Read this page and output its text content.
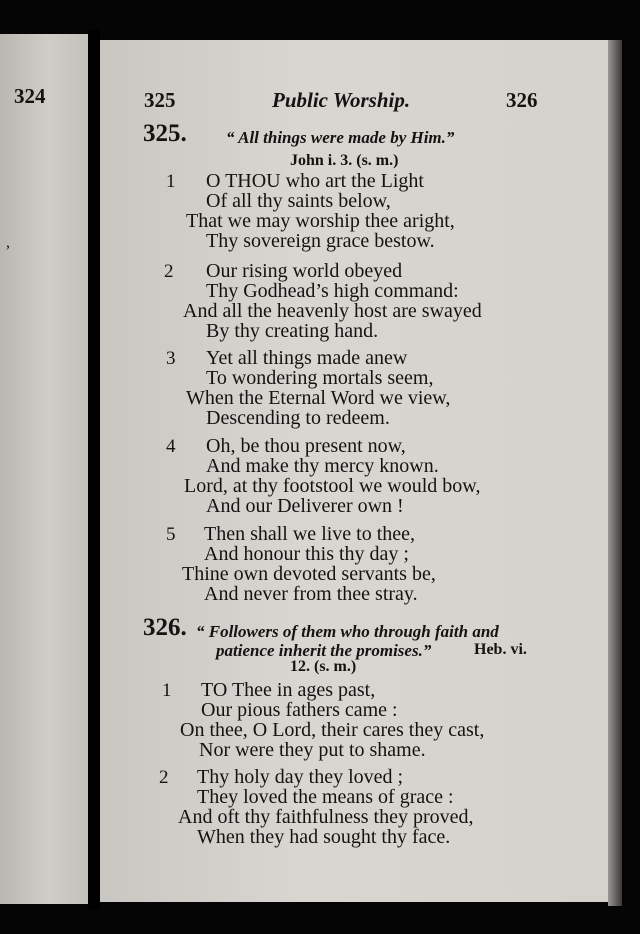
324
,
325	Public Worship.	326
325. “ All things were made by Him.”
John i. 3. (s. m.)
1 O THOU who art the Light
Of all thy saints below,
That we may worship thee aright,
Thy sovereign grace bestow.
2 Our rising world obeyed
Thy Godhead’s high command:
And all the heavenly host are swayed
By thy creating hand.
3 Yet all things made anew
To wondering mortals seem,
When the Eternal Word we view,
Descending to redeem.
4 Oh, be thou present now,
And make thy mercy known.
Lord, at thy footstool we would bow,
And our Deliverer own !
5 Then shall we live to thee,
And honour this thy day ;
Thine own devoted servants be,
And never from thee stray.
326. “ Followers of them who through faith and
patience inherit the promises.”	Heb. vi.
12. (s. m.)
1 TO Thee in ages past,
Our pious fathers came :
On thee, O Lord, their cares they cast,
Nor were they put to shame.
2 Thy holy day they loved ;
They loved the means of grace :
And oft thy faithfulness they proved,
When they had sought thy face.
